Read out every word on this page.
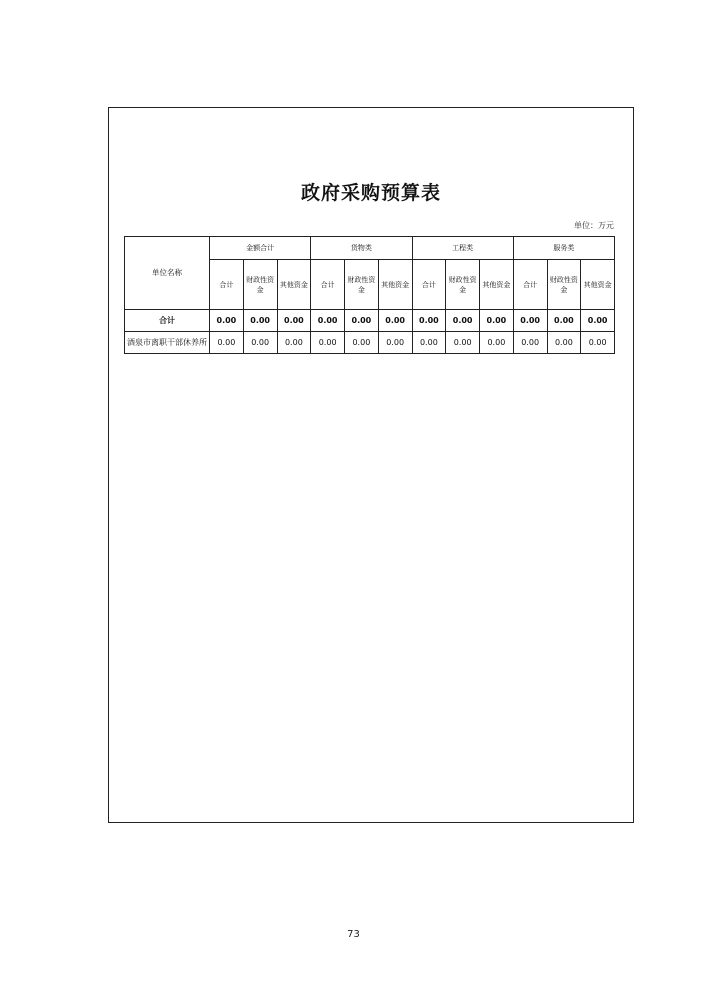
政府采购预算表
单位：万元
单位名称	金额合计			货物类			工程类			服务类		
	合计	财政性资金	其他资金	合计	财政性资金	其他资金	合计	财政性资金	其他资金	合计	财政性资金	其他资金
合计	0.00	0.00	0.00	0.00	0.00	0.00	0.00	0.00	0.00	0.00	0.00	0.00
酒泉市离职干部休养所	0.00	0.00	0.00	0.00	0.00	0.00	0.00	0.00	0.00	0.00	0.00	0.00
73
